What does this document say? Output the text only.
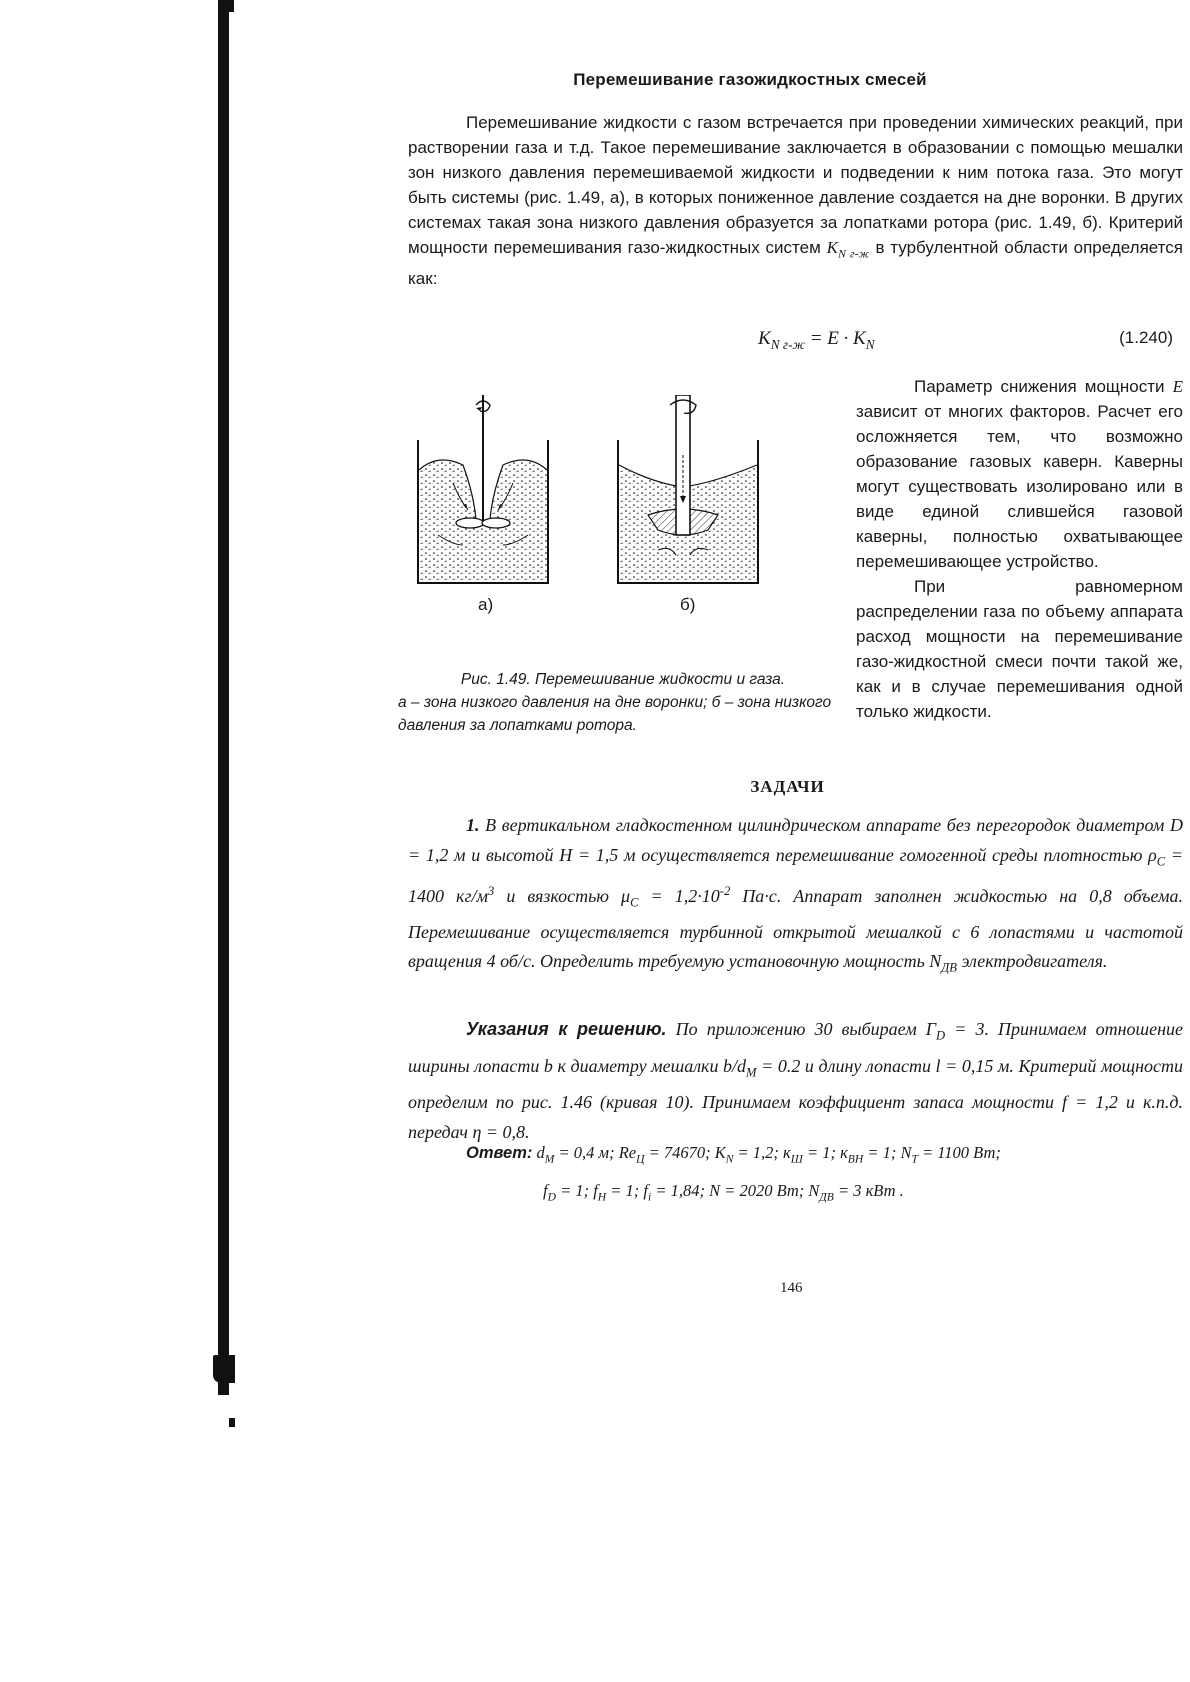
Перемешивание газожидкостных смесей
Перемешивание жидкости с газом встречается при проведении химических реакций, при растворении газа и т.д. Такое перемешивание заключается в образовании с помощью мешалки зон низкого давления перемешиваемой жидкости и подведении к ним потока газа. Это могут быть системы (рис. 1.49, а), в которых пониженное давление создается на дне воронки. В других системах такая зона низкого давления образуется за лопатками ротора (рис. 1.49, б). Критерий мощности перемешивания газо-жидкостных систем $K_{N г-ж}$ в турбулентной области определяется как:
$K_{N г-ж} = E \cdot K_N$	(1.240)
Параметр снижения мощности E зависит от многих факторов. Расчет его осложняется тем, что возможно образование газовых каверн. Каверны могут существовать изолировано или в виде единой слившейся газовой каверны, полностью охватывающее перемешивающее устройство.
При равномерном распределении газа по объему аппарата расход мощности на перемешивание газо-жидкостной смеси почти такой же, как и в случае перемешивания одной только жидкости.
а)	б)
Рис. 1.49. Перемешивание жидкости и газа.
а – зона низкого давления на дне воронки; б – зона низкого давления за лопатками ротора.
ЗАДАЧИ
1. В вертикальном гладкостенном цилиндрическом аппарате без перегородок диаметром D = 1,2 м и высотой H = 1,5 м осуществляется перемешивание гомогенной среды плотностью $\rho_С = 1400$ $кг/м^3$ и вязкостью $\mu_С = 1,2\cdot 10^{-2}$ Па·с. Аппарат заполнен жидкостью на 0,8 объема. Перемешивание осуществляется турбинной открытой мешалкой с 6 лопастями и частотой вращения 4 об/с. Определить требуемую установочную мощность $N_{ДВ}$ электродвигателя.
Указания к решению. По приложению 30 выбираем $Г_D = 3$. Принимаем отношение ширины лопасти b к диаметру мешалки $b/d_М = 0.2$ и длину лопасти l = 0,15 м. Критерий мощности определим по рис. 1.46 (кривая 10). Принимаем коэффициент запаса мощности f = 1,2 и к.п.д. передач η = 0,8.
Ответ: $d_М = 0,4$ м; $Re_Ц = 74670$; $K_N = 1,2$; $к_Ш = 1$; $к_{ВН} = 1$; $N_Т = 1100$ Вт;
$f_D = 1$; $f_H = 1$; $f_i = 1,84$; N = 2020 Вт; $N_{ДВ} = 3$ кВт .
146
